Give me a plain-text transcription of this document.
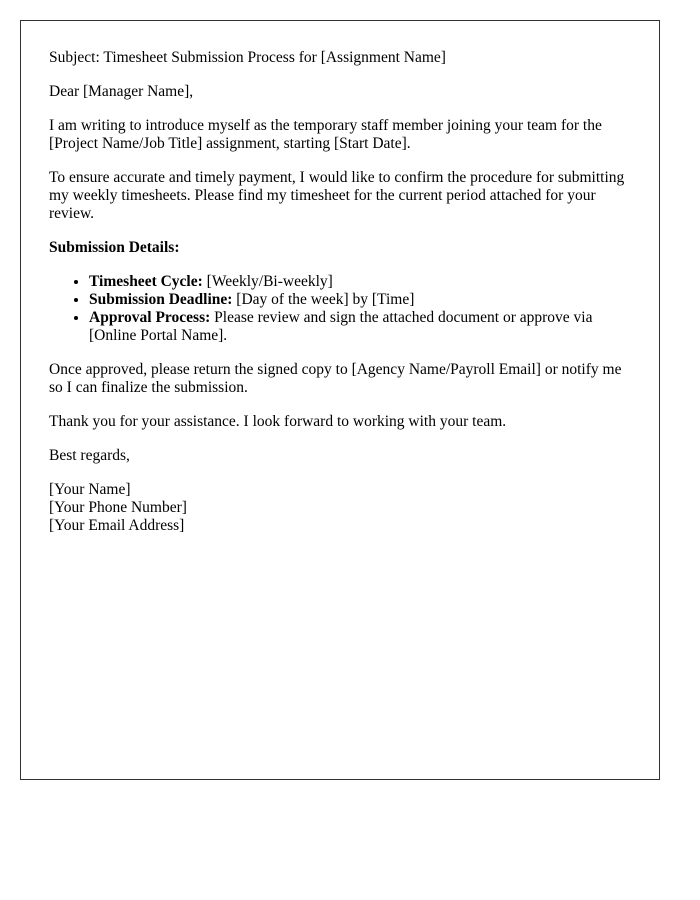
Subject: Timesheet Submission Process for [Assignment Name]

Dear [Manager Name],

I am writing to introduce myself as the temporary staff member joining your team for the [Project Name/Job Title] assignment, starting [Start Date].

To ensure accurate and timely payment, I would like to confirm the procedure for submitting my weekly timesheets. Please find my timesheet for the current period attached for your review.

Submission Details:

• Timesheet Cycle: [Weekly/Bi-weekly]
• Submission Deadline: [Day of the week] by [Time]
• Approval Process: Please review and sign the attached document or approve via [Online Portal Name].

Once approved, please return the signed copy to [Agency Name/Payroll Email] or notify me so I can finalize the submission.

Thank you for your assistance. I look forward to working with your team.

Best regards,

[Your Name]
[Your Phone Number]
[Your Email Address]
